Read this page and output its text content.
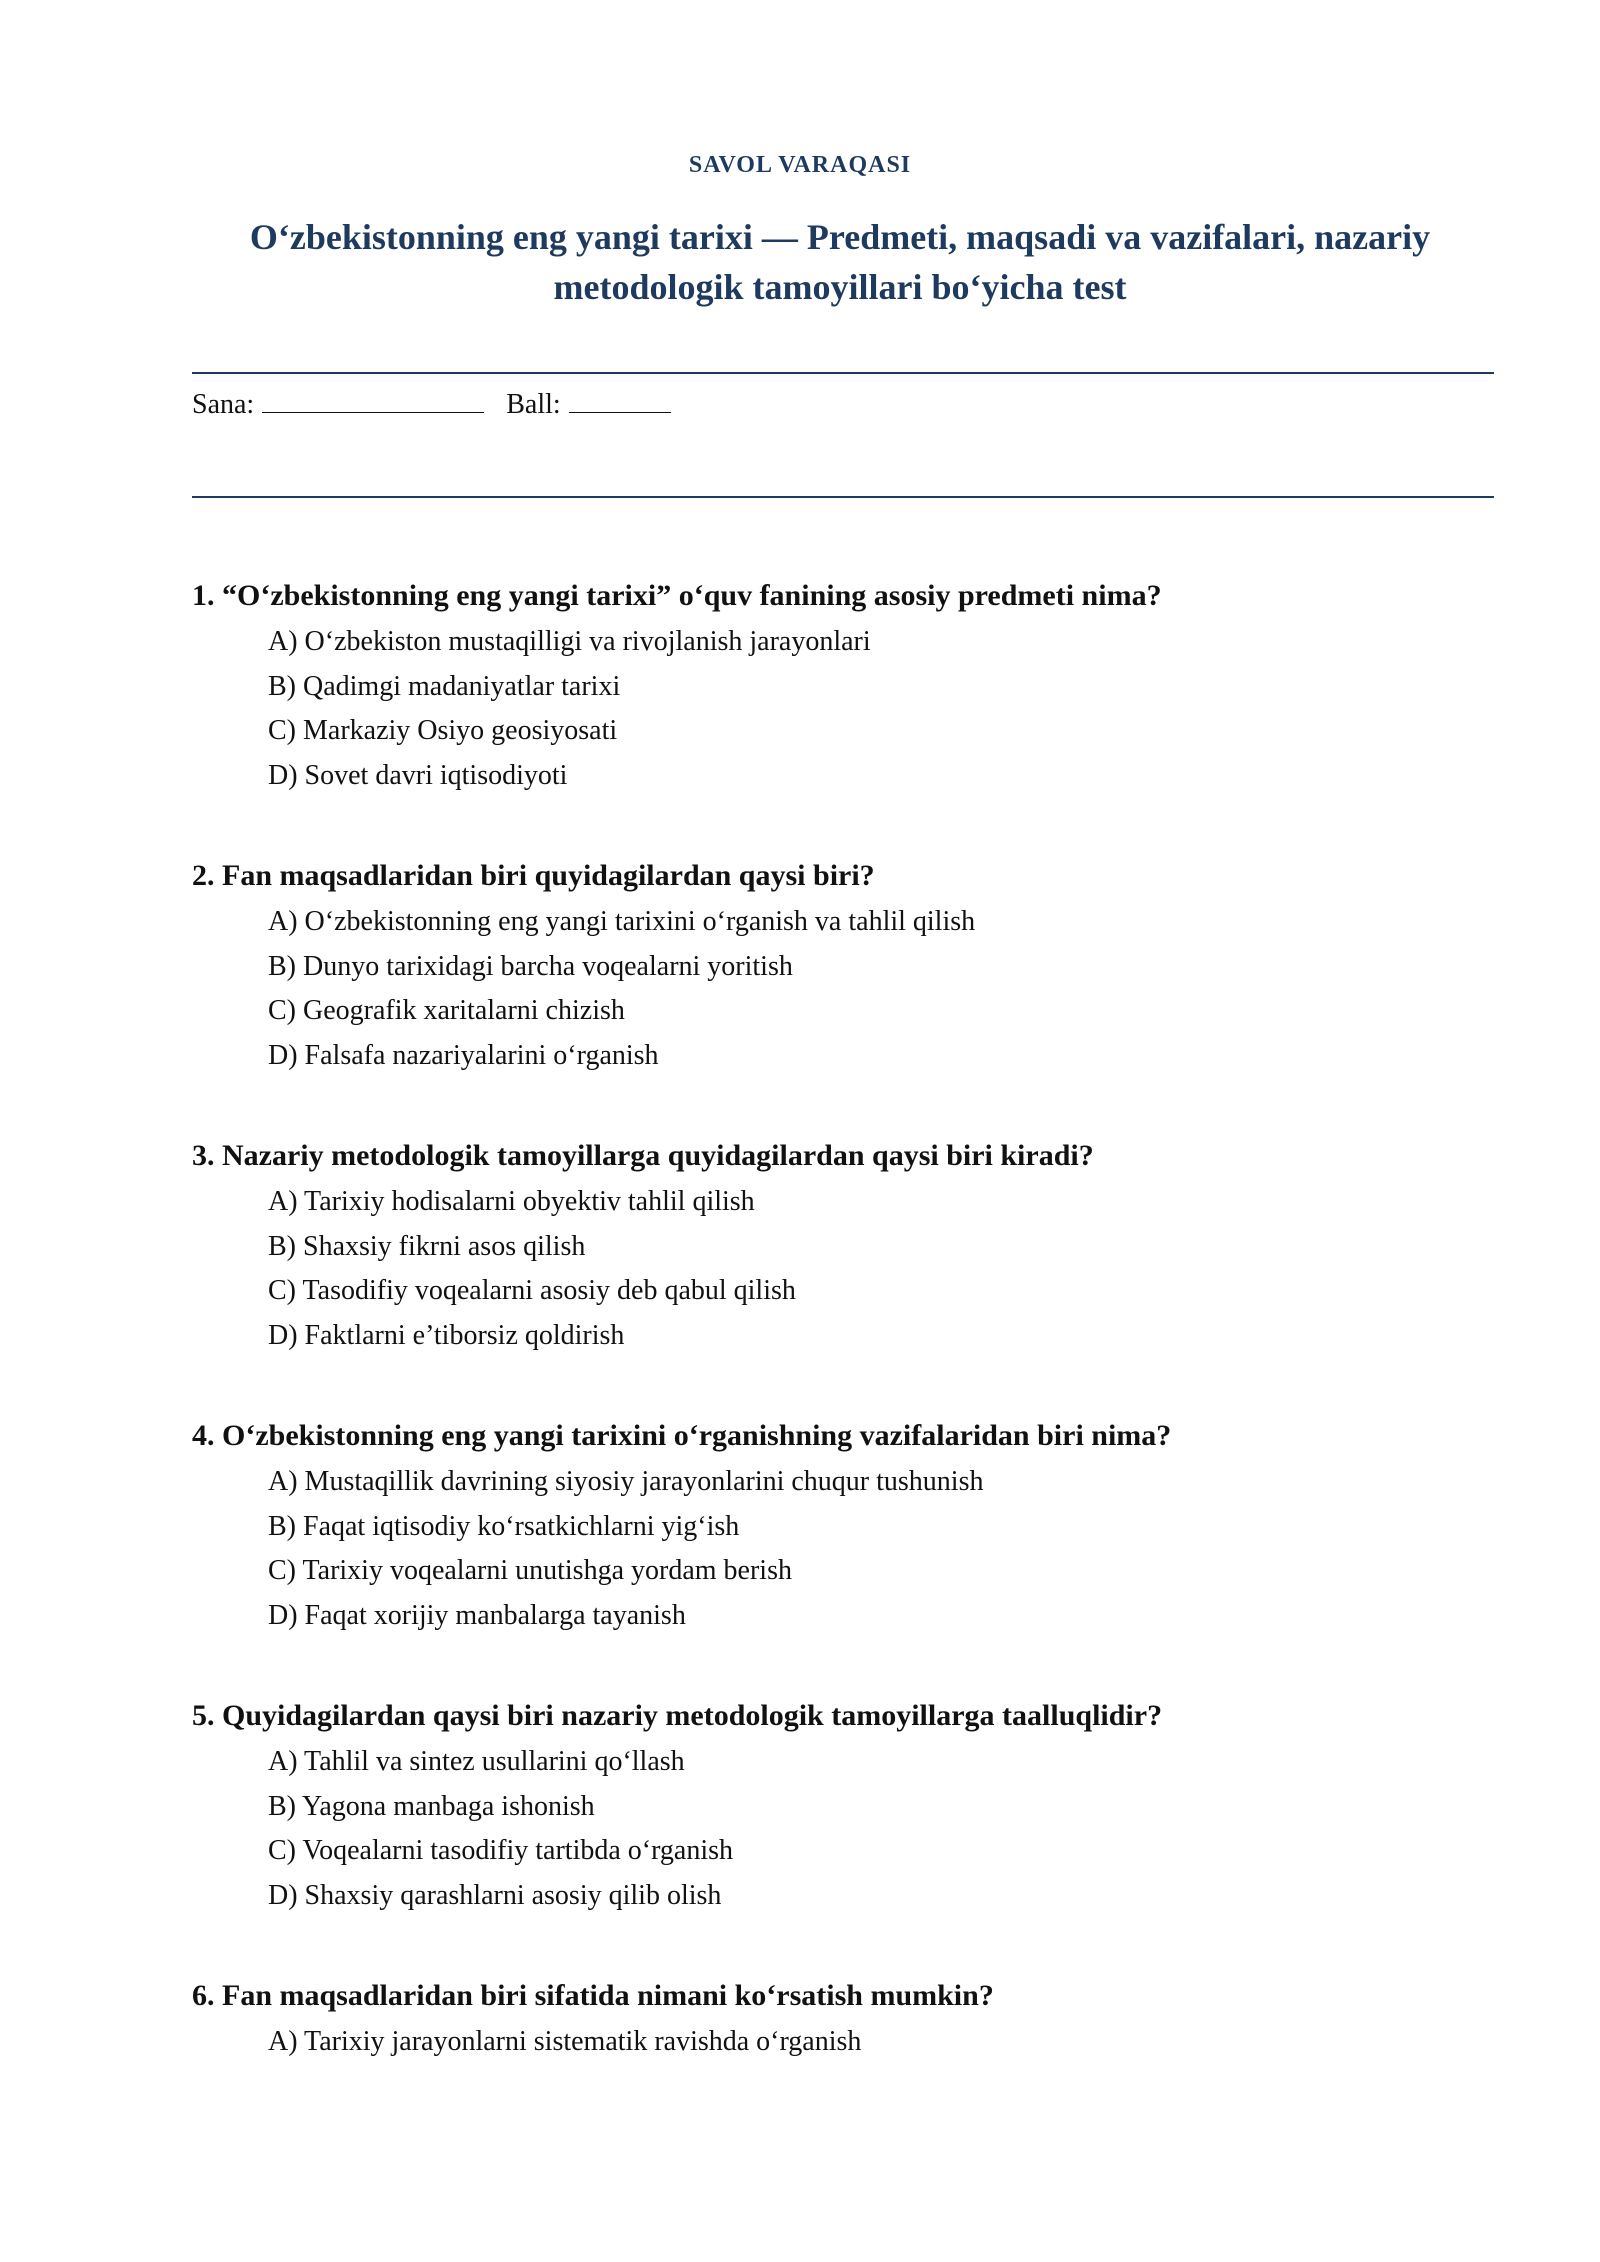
SAVOL VARAQASI
O‘zbekistonning eng yangi tarixi — Predmeti, maqsadi va vazifalari, nazariy metodologik tamoyillari bo‘yicha test
Sana:	Ball:
1. “O‘zbekistonning eng yangi tarixi” o‘quv fanining asosiy predmeti nima?
A) O‘zbekiston mustaqilligi va rivojlanish jarayonlari
B) Qadimgi madaniyatlar tarixi
C) Markaziy Osiyo geosiyosati
D) Sovet davri iqtisodiyoti
2. Fan maqsadlaridan biri quyidagilardan qaysi biri?
A) O‘zbekistonning eng yangi tarixini o‘rganish va tahlil qilish
B) Dunyo tarixidagi barcha voqealarni yoritish
C) Geografik xaritalarni chizish
D) Falsafa nazariyalarini o‘rganish
3. Nazariy metodologik tamoyillarga quyidagilardan qaysi biri kiradi?
A) Tarixiy hodisalarni obyektiv tahlil qilish
B) Shaxsiy fikrni asos qilish
C) Tasodifiy voqealarni asosiy deb qabul qilish
D) Faktlarni e’tiborsiz qoldirish
4. O‘zbekistonning eng yangi tarixini o‘rganishning vazifalaridan biri nima?
A) Mustaqillik davrining siyosiy jarayonlarini chuqur tushunish
B) Faqat iqtisodiy ko‘rsatkichlarni yig‘ish
C) Tarixiy voqealarni unutishga yordam berish
D) Faqat xorijiy manbalarga tayanish
5. Quyidagilardan qaysi biri nazariy metodologik tamoyillarga taalluqlidir?
A) Tahlil va sintez usullarini qo‘llash
B) Yagona manbaga ishonish
C) Voqealarni tasodifiy tartibda o‘rganish
D) Shaxsiy qarashlarni asosiy qilib olish
6. Fan maqsadlaridan biri sifatida nimani ko‘rsatish mumkin?
A) Tarixiy jarayonlarni sistematik ravishda o‘rganish
